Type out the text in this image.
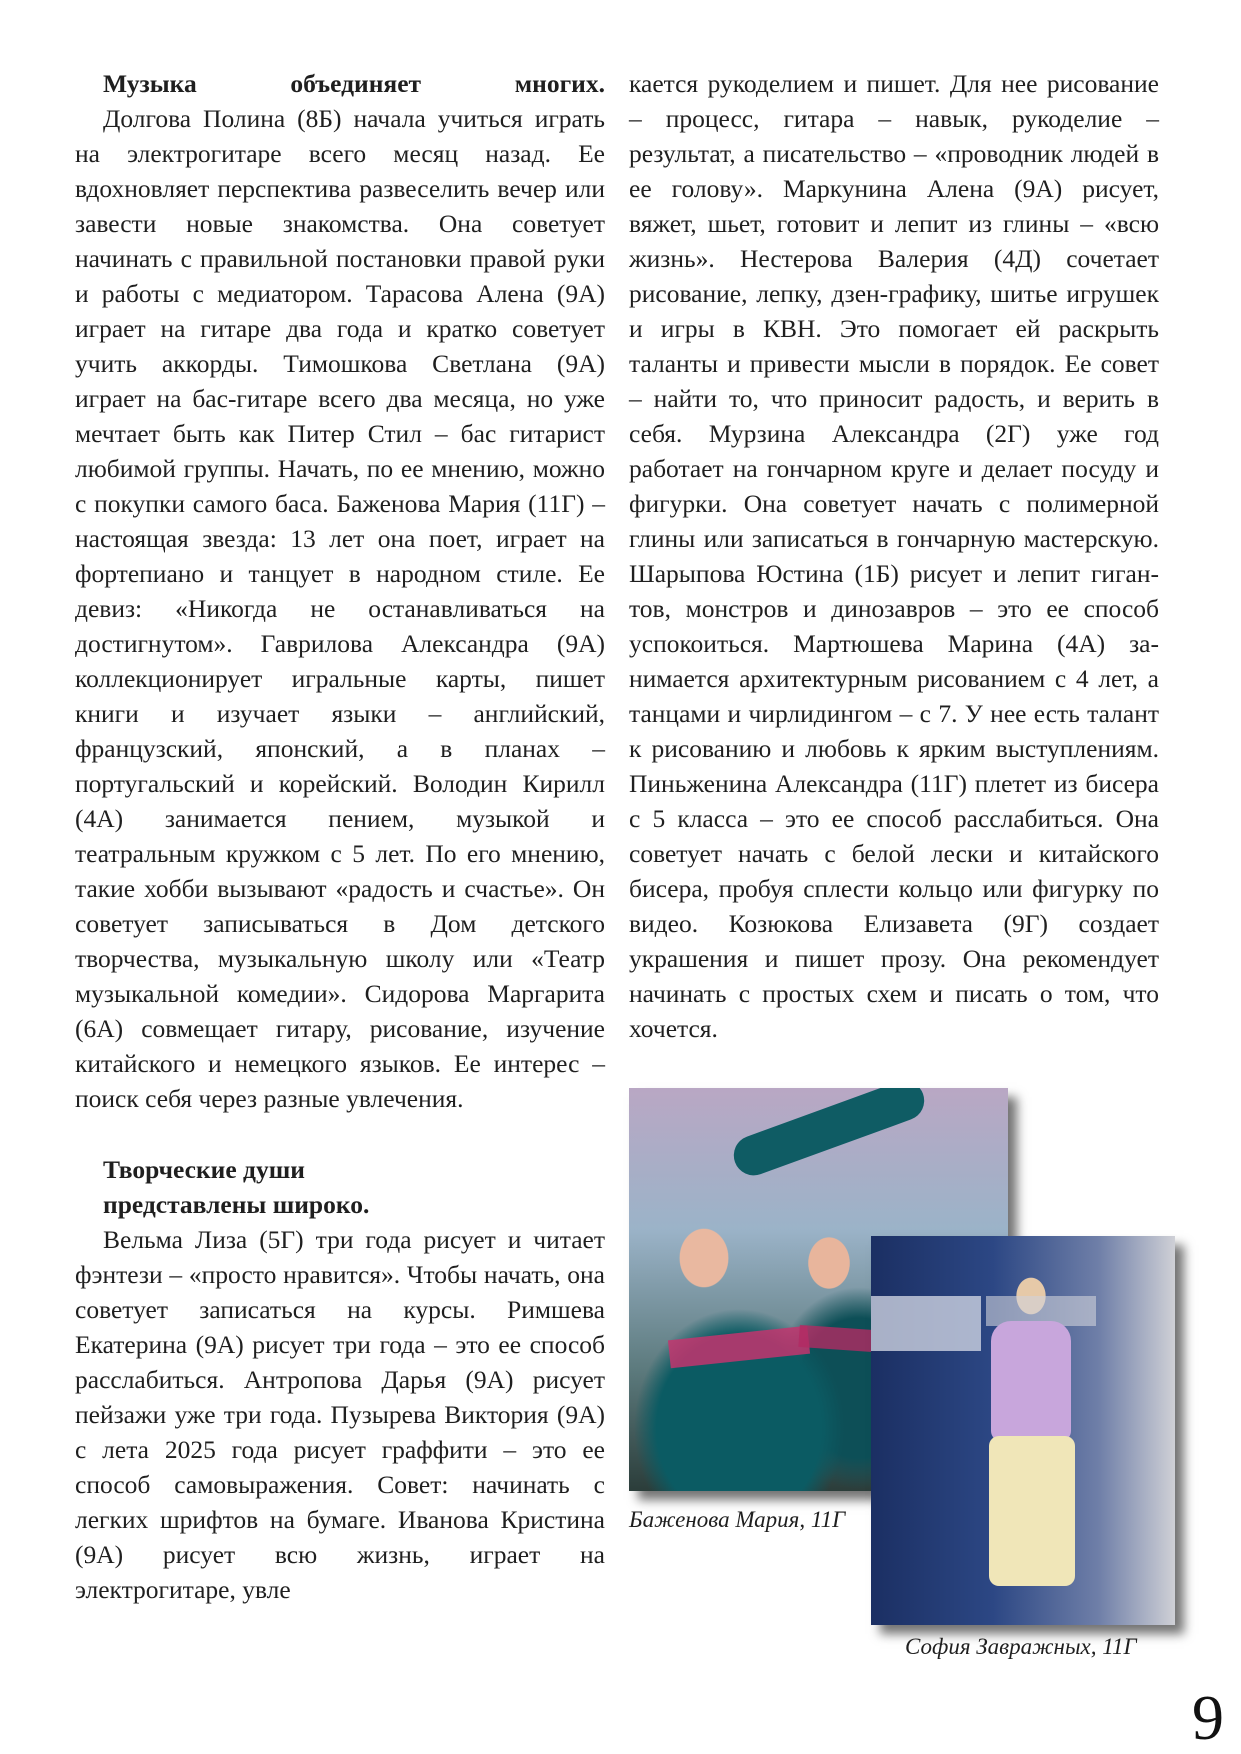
Музыка объединяет многих.

Долгова Полина (8Б) начала учиться играть на электрогитаре всего месяц назад. Ее вдохновляет перспектива развеселить вечер или завести новые знакомства. Она советует начинать с правильной постановки правой руки и работы с медиатором. Тарасова Алена (9А) играет на гитаре два года и кратко советует учить аккорды. Тимошкова Светлана (9А) играет на бас-гитаре всего два месяца, но уже мечтает быть как Питер Стил – бас гитарист любимой группы. Начать, по ее мнению, можно с покупки самого баса. Баженова Мария (11Г) – настоящая звезда: 13 лет она поет, играет на фортепиано и танцует в народном стиле. Ее девиз: «Никогда не останавливаться на достигнутом». Гаврилова Александра (9А) коллекционирует игральные карты, пишет книги и изучает языки – английский, французский, японский, а в планах – португальский и корейский. Володин Кирилл (4А) занимается пением, музыкой и театральным кружком с 5 лет. По его мнению, такие хобби вызывают «радость и счастье». Он советует записываться в Дом детского творчества, музыкальную школу или «Театр музыкальной комедии». Сидорова Маргарита (6А) совмещает гитару, рисование, изучение китайского и немецкого языков. Ее интерес – поиск себя через разные увлечения.

Творческие души
представлены широко.

Вельма Лиза (5Г) три года рисует и читает фэнтези – «просто нравится». Чтобы начать, она советует записаться на курсы. Римшева Екатерина (9А) рисует три года – это ее способ расслабиться. Антропова Дарья (9А) рисует пейзажи уже три года. Пузырева Виктория (9А) с лета 2025 года рисует граффити – это ее способ самовыражения. Совет: начинать с легких шрифтов на бумаге. Иванова Кристина (9А) рисует всю жизнь, играет на электрогитаре, увле

кается рукоделием и пишет. Для нее рисование – процесс, гитара – навык, рукоделие – результат, а писательство – «проводник людей в ее голову». Маркунина Алена (9А) рисует, вяжет, шьет, готовит и лепит из глины – «всю жизнь». Нестерова Валерия (4Д) сочетает рисование, лепку, дзен-графику, шитье игрушек и игры в КВН. Это помогает ей раскрыть таланты и привести мысли в порядок. Ее совет – найти то, что приносит радость, и верить в себя. Мурзина Александра (2Г) уже год работает на гончарном круге и делает посуду и фигурки. Она советует начать с полимерной глины или записаться в гончарную мастерскую. Шарыпова Юстина (1Б) рисует и лепит гигантов, монстров и динозавров – это ее способ успокоиться. Мартюшева Марина (4А) занимается архитектурным рисованием с 4 лет, а танцами и чирлидингом – с 7. У нее есть талант к рисованию и любовь к ярким выступлениям. Пиньженина Александра (11Г) плетет из бисера с 5 класса – это ее способ расслабиться. Она советует начать с белой лески и китайского бисера, пробуя сплести кольцо или фигурку по видео. Козюкова Елизавета (9Г) создает украшения и пишет прозу. Она рекомендует начинать с простых схем и писать о том, что хочется.

Баженова Мария, 11Г
София Завражных, 11Г
9
